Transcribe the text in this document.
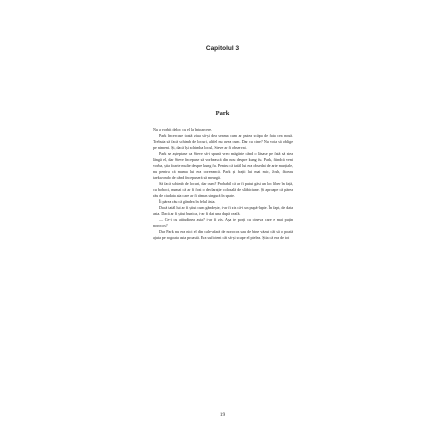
Capitolul 3
Park

Nu a vorbit deloc cu el la întoarcere.

Park încercase toată ziua să-și dea seama cum ar putea scăpa de fata cea nouă. Trebuia să facă schimb de locuri, altfel nu avea cum. Dar cu cine? Nu voia să oblige pe nimeni. Și, dacă își schimba locul, Steve ar fi observat.

Park se așteptase ca Steve să-i spună vreo măgărie când o lăsase pe fată să stea lângă el, dar Steve începuse să vorbească din nou despre kung fu. Park, fiindcă veni vorba, știa foarte multe despre kung fu. Pentru că tatăl lui era obsedat de arte marțiale, nu pentru că mama lui era coreeancă. Park și frații lui mai mic, Josh, făceau taekwondo de când începuseră să meargă.

Să facă schimb de locuri, dar cum? Probabil că ar fi putut găsi un loc liber în față, cu boboci, numai că ar fi fost o declarație colosală de slăbiciune. Și aproape că părea rău de ciudata aia care ar fi rămas singură în spate.

Îi părea rău că gândea în felul ăsta.

Dacă tatăl lui ar fi știut cum gândește, i-ar fi zis că-i un pupă-lapte. În fapt, de data asta. Dacă ar fi știut bunica, i-ar fi dat una după ceafă.

— Ce-i cu atitudinea asta? i-ar fi zis. Așa te porți cu cineva care e mai puțin norocos?

Dar Park nu era nici el din cale-afară de norocos sau de bine văzut cât să o poată ajuta pe rogoata asta proastă. Era suficient cât să-și scape el pielea. Știa că era de tot

19
